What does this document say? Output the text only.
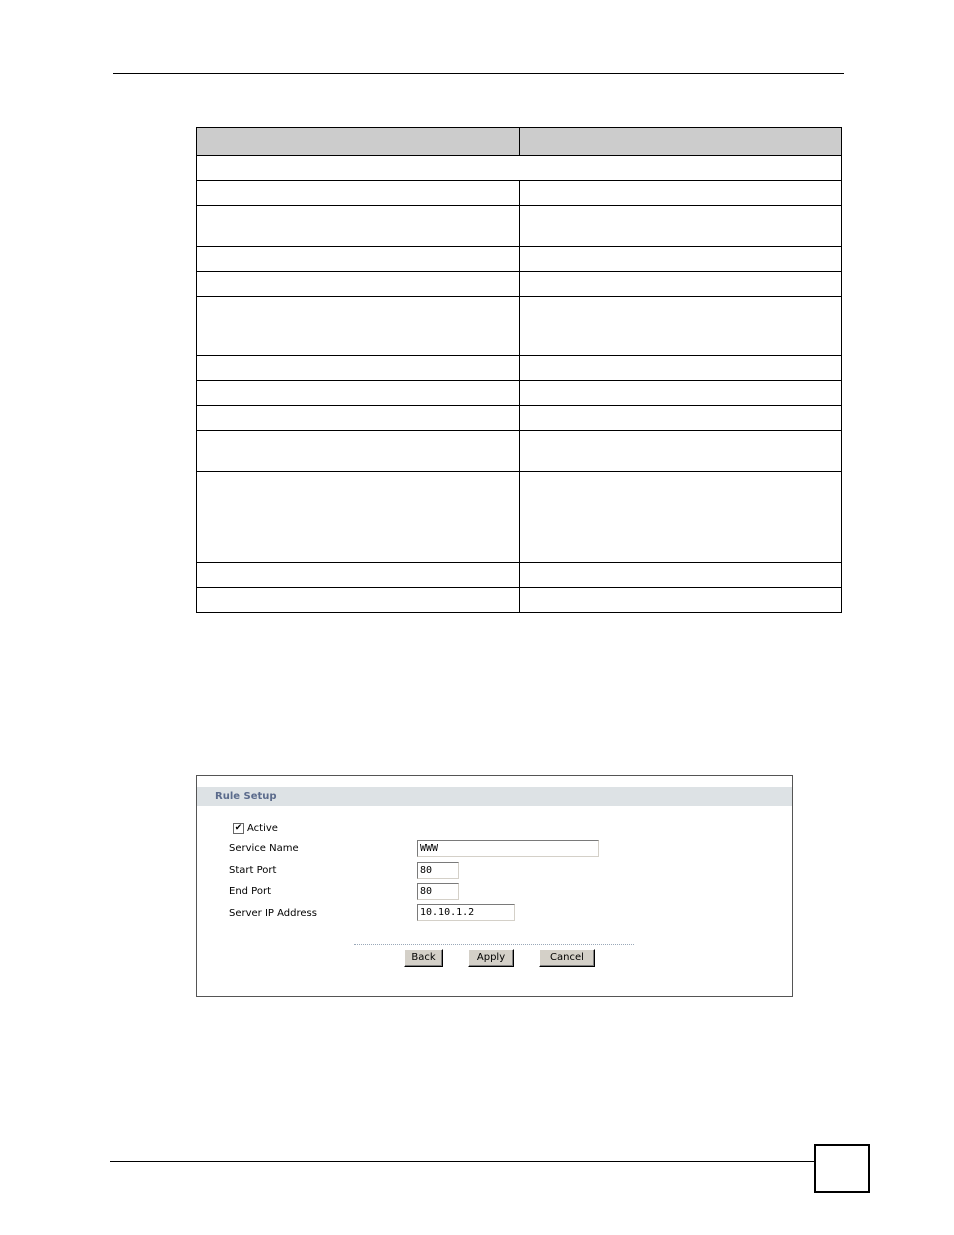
Rule Setup
✔ Active
Service Name	WWW
Start Port	80
End Port	80
Server IP Address	10.10.1.2
Back	Apply	Cancel
